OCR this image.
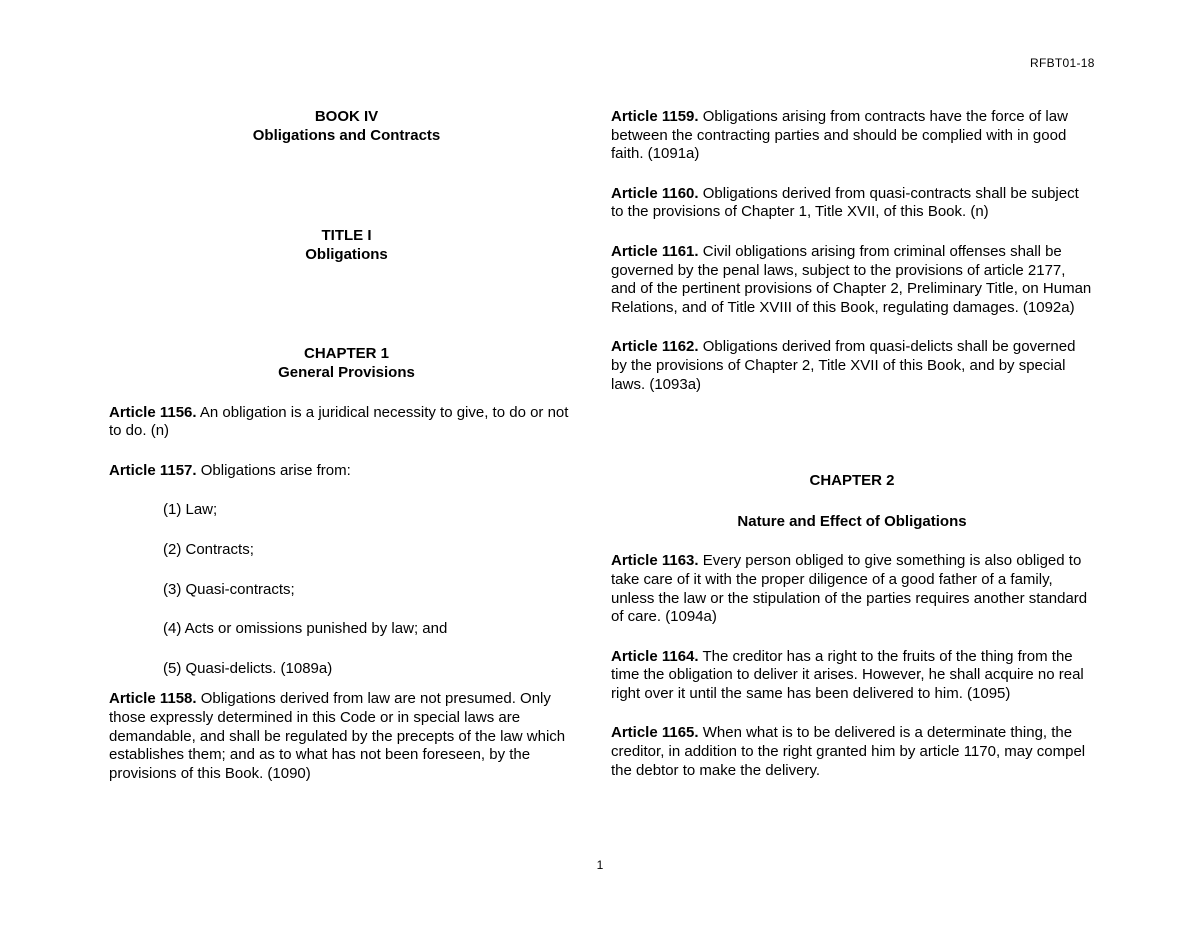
RFBT01-18
BOOK IV
Obligations and Contracts
TITLE I
Obligations
CHAPTER 1
General Provisions

Article 1156. An obligation is a juridical necessity to give, to do or not to do. (n)

Article 1157. Obligations arise from:

(1) Law;

(2) Contracts;

(3) Quasi-contracts;

(4) Acts or omissions punished by law; and

(5) Quasi-delicts. (1089a)

Article 1158. Obligations derived from law are not presumed. Only those expressly determined in this Code or in special laws are demandable, and shall be regulated by the precepts of the law which establishes them; and as to what has not been foreseen, by the provisions of this Book. (1090)

Article 1159. Obligations arising from contracts have the force of law between the contracting parties and should be complied with in good faith. (1091a)

Article 1160. Obligations derived from quasi-contracts shall be subject to the provisions of Chapter 1, Title XVII, of this Book. (n)

Article 1161. Civil obligations arising from criminal offenses shall be governed by the penal laws, subject to the provisions of article 2177, and of the pertinent provisions of Chapter 2, Preliminary Title, on Human Relations, and of Title XVIII of this Book, regulating damages. (1092a)

Article 1162. Obligations derived from quasi-delicts shall be governed by the provisions of Chapter 2, Title XVII of this Book, and by special laws. (1093a)

CHAPTER 2
Nature and Effect of Obligations

Article 1163. Every person obliged to give something is also obliged to take care of it with the proper diligence of a good father of a family, unless the law or the stipulation of the parties requires another standard of care. (1094a)

Article 1164. The creditor has a right to the fruits of the thing from the time the obligation to deliver it arises. However, he shall acquire no real right over it until the same has been delivered to him. (1095)

Article 1165. When what is to be delivered is a determinate thing, the creditor, in addition to the right granted him by article 1170, may compel the debtor to make the delivery.

1
